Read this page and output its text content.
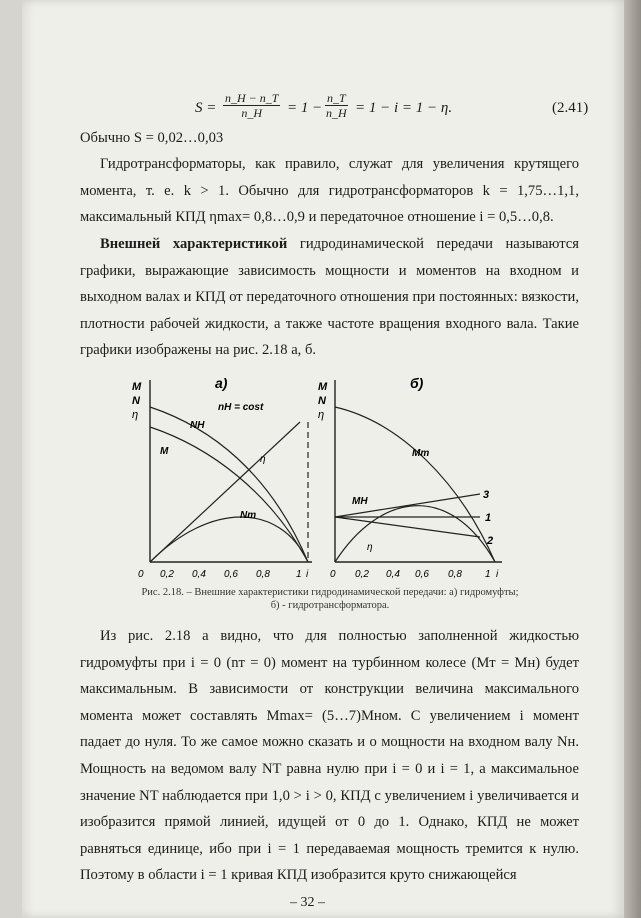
$S = \frac{n\_H - n\_T}{n\_H} = 1 - \frac{n\_T}{n\_H} = 1 - i = 1 - \eta$.	(2.41)

Обычно S = 0,02…0,03

Гидротрансформаторы, как правило, служат для увеличения крутящего момента, т. е. k > 1. Обычно для гидротрансформаторов k = 1,75…1,1, максимальный КПД ηmax= 0,8…0,9 и передаточное отношение i = 0,5…0,8.

Внешней характеристикой гидродинамической передачи называются графики, выражающие зависимость мощности и моментов на входном и выходном валах и КПД от передаточного отношения при постоянных: вязкости, плотности рабочей жидкости, а также частоте вращения входного вала. Такие графики изображены на рис. 2.18 а, б.

M
N
η
a)
nН = cost
NН
M
η
Nm
0 0,2 0,4 0,6 0,8	1 i
M
N
η
б)
Mm
MН
η
3
1
2
0 0,2 0,4 0,6 0,8 1 i
Рис. 2.18. – Внешние характеристики гидродинамической передачи: а) гидромуфты;
б) - гидротрансформатора.

Из рис. 2.18 а видно, что для полностью заполненной жидкостью гидромуфты при i = 0 (nт = 0) момент на турбинном колесе (Mт = Mн) будет максимальным. В зависимости от конструкции величина максимального момента может составлять Mmax= (5…7)Mном. С увеличением i момент падает до нуля. То же самое можно сказать и о мощности на входном валу Nн. Мощность на ведомом валу NT равна нулю при i = 0 и i = 1, а максимальное значение NT наблюдается при 1,0 > i > 0, КПД с увеличением i увеличивается и изобразится прямой линией, идущей от 0 до 1. Однако, КПД не может равняться единице, ибо при i = 1 передаваемая мощность тремится к нулю. Поэтому в области i = 1 кривая КПД изобразится круто снижающейся

– 32 –
